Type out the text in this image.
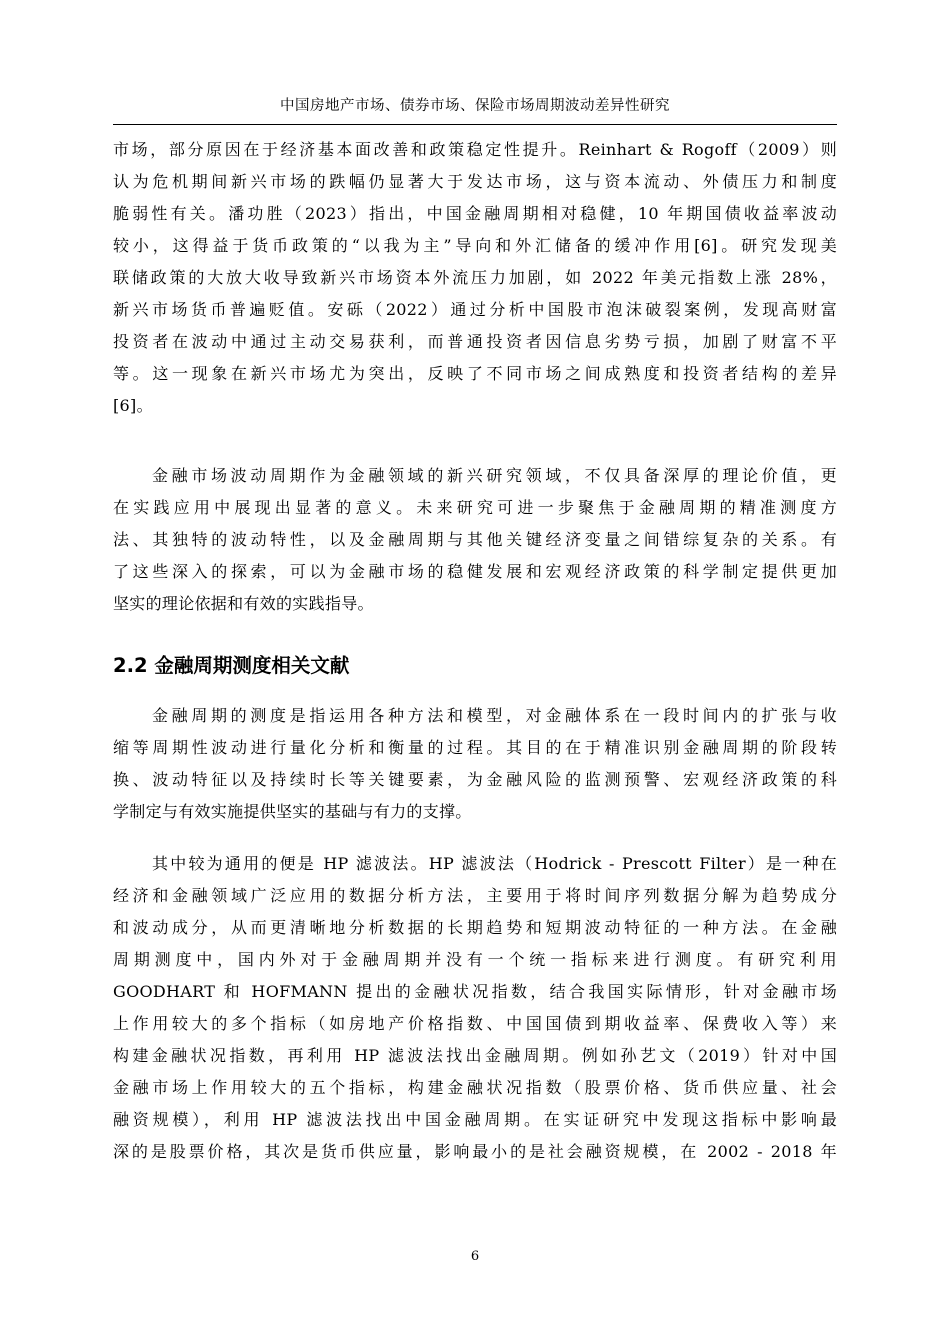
中国房地产市场、债券市场、保险市场周期波动差异性研究
市场，部分原因在于经济基本面改善和政策稳定性提升。Reinhart & Rogoff（2009）则
认为危机期间新兴市场的跌幅仍显著大于发达市场，这与资本流动、外债压力和制度
脆弱性有关。潘功胜（2023）指出，中国金融周期相对稳健，10 年期国债收益率波动
较小，这得益于货币政策的“以我为主”导向和外汇储备的缓冲作用[6]。研究发现美
联储政策的大放大收导致新兴市场资本外流压力加剧，如 2022 年美元指数上涨 28%，
新兴市场货币普遍贬值。安砾（2022）通过分析中国股市泡沫破裂案例，发现高财富
投资者在波动中通过主动交易获利，而普通投资者因信息劣势亏损，加剧了财富不平
等。这一现象在新兴市场尤为突出，反映了不同市场之间成熟度和投资者结构的差异
[6]。
金融市场波动周期作为金融领域的新兴研究领域，不仅具备深厚的理论价值，更
在实践应用中展现出显著的意义。未来研究可进一步聚焦于金融周期的精准测度方
法、其独特的波动特性，以及金融周期与其他关键经济变量之间错综复杂的关系。有
了这些深入的探索，可以为金融市场的稳健发展和宏观经济政策的科学制定提供更加
坚实的理论依据和有效的实践指导。
2.2 金融周期测度相关文献
金融周期的测度是指运用各种方法和模型，对金融体系在一段时间内的扩张与收
缩等周期性波动进行量化分析和衡量的过程。其目的在于精准识别金融周期的阶段转
换、波动特征以及持续时长等关键要素，为金融风险的监测预警、宏观经济政策的科
学制定与有效实施提供坚实的基础与有力的支撑。
其中较为通用的便是 HP 滤波法。HP 滤波法（Hodrick - Prescott Filter）是一种在
经济和金融领域广泛应用的数据分析方法，主要用于将时间序列数据分解为趋势成分
和波动成分，从而更清晰地分析数据的长期趋势和短期波动特征的一种方法。在金融
周期测度中，国内外对于金融周期并没有一个统一指标来进行测度。有研究利用
GOODHART 和 HOFMANN 提出的金融状况指数，结合我国实际情形，针对金融市场
上作用较大的多个指标（如房地产价格指数、中国国债到期收益率、保费收入等）来
构建金融状况指数，再利用 HP 滤波法找出金融周期。例如孙艺文（2019）针对中国
金融市场上作用较大的五个指标，构建金融状况指数（股票价格、货币供应量、社会
融资规模），利用 HP 滤波法找出中国金融周期。在实证研究中发现这指标中影响最
深的是股票价格，其次是货币供应量，影响最小的是社会融资规模，在 2002 - 2018 年
6
